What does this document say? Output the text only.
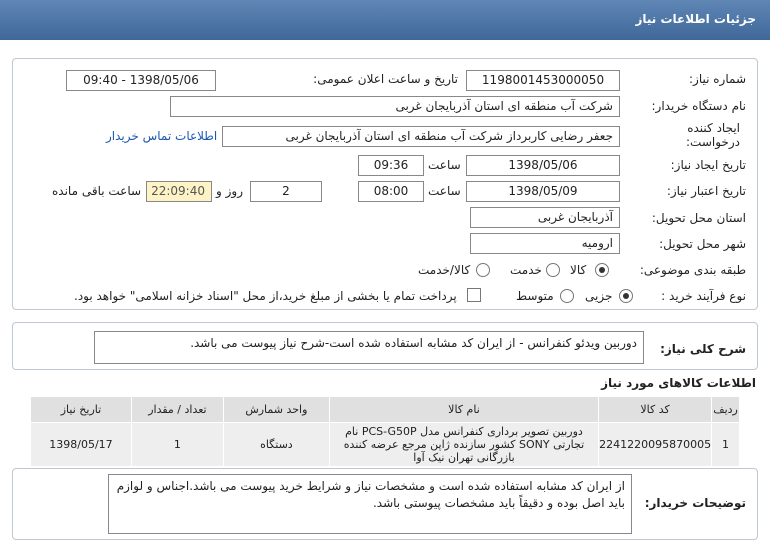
جزئیات اطلاعات نیاز
شماره نیاز:
1198001453000050
تاریخ و ساعت اعلان عمومی:
1398/05/06 - 09:40
نام دستگاه خریدار:
شرکت آب منطقه ای استان آذربایجان غربی
ایجاد کننده
درخواست:
جعفر رضایی کاربرداز شرکت آب منطقه ای استان آذربایجان غربی
اطلاعات تماس خریدار
تاریخ ایجاد نیاز:
1398/05/06
ساعت
09:36
تاریخ اعتبار نیاز:
1398/05/09
ساعت
08:00
2
روز و
22:09:40
ساعت باقی مانده
استان محل تحویل:
آذربایجان غربی
شهر محل تحویل:
ارومیه
طبقه بندی موضوعی:
کالا
خدمت
کالا/خدمت
نوع فرآیند خرید :
جزیی
متوسط
پرداخت تمام یا بخشی از مبلغ خرید،از محل "اسناد خزانه اسلامی" خواهد بود.
شرح کلی نیاز:
دوربین ویدئو کنفرانس - از ایران کد مشابه استفاده شده است-شرح نیاز پیوست می باشد.
اطلاعات کالاهای مورد نیاز
ردیف	کد کالا	نام کالا	واحد شمارش	تعداد / مقدار	تاریخ نیاز
1	2241220095870005	دوربین تصویر برداری کنفرانس مدل PCS-G50P نام تجارتی SONY کشور سازنده ژاپن مرجع عرضه کننده بازرگانی تهران نیک آوا	دستگاه	1	1398/05/17
توضیحات خریدار:
از ایران کد مشابه استفاده شده است و مشخصات نیاز و شرایط خرید پیوست می باشد.اجناس و لوازم باید اصل بوده و دقیقاً باید مشخصات پیوستی باشد.
